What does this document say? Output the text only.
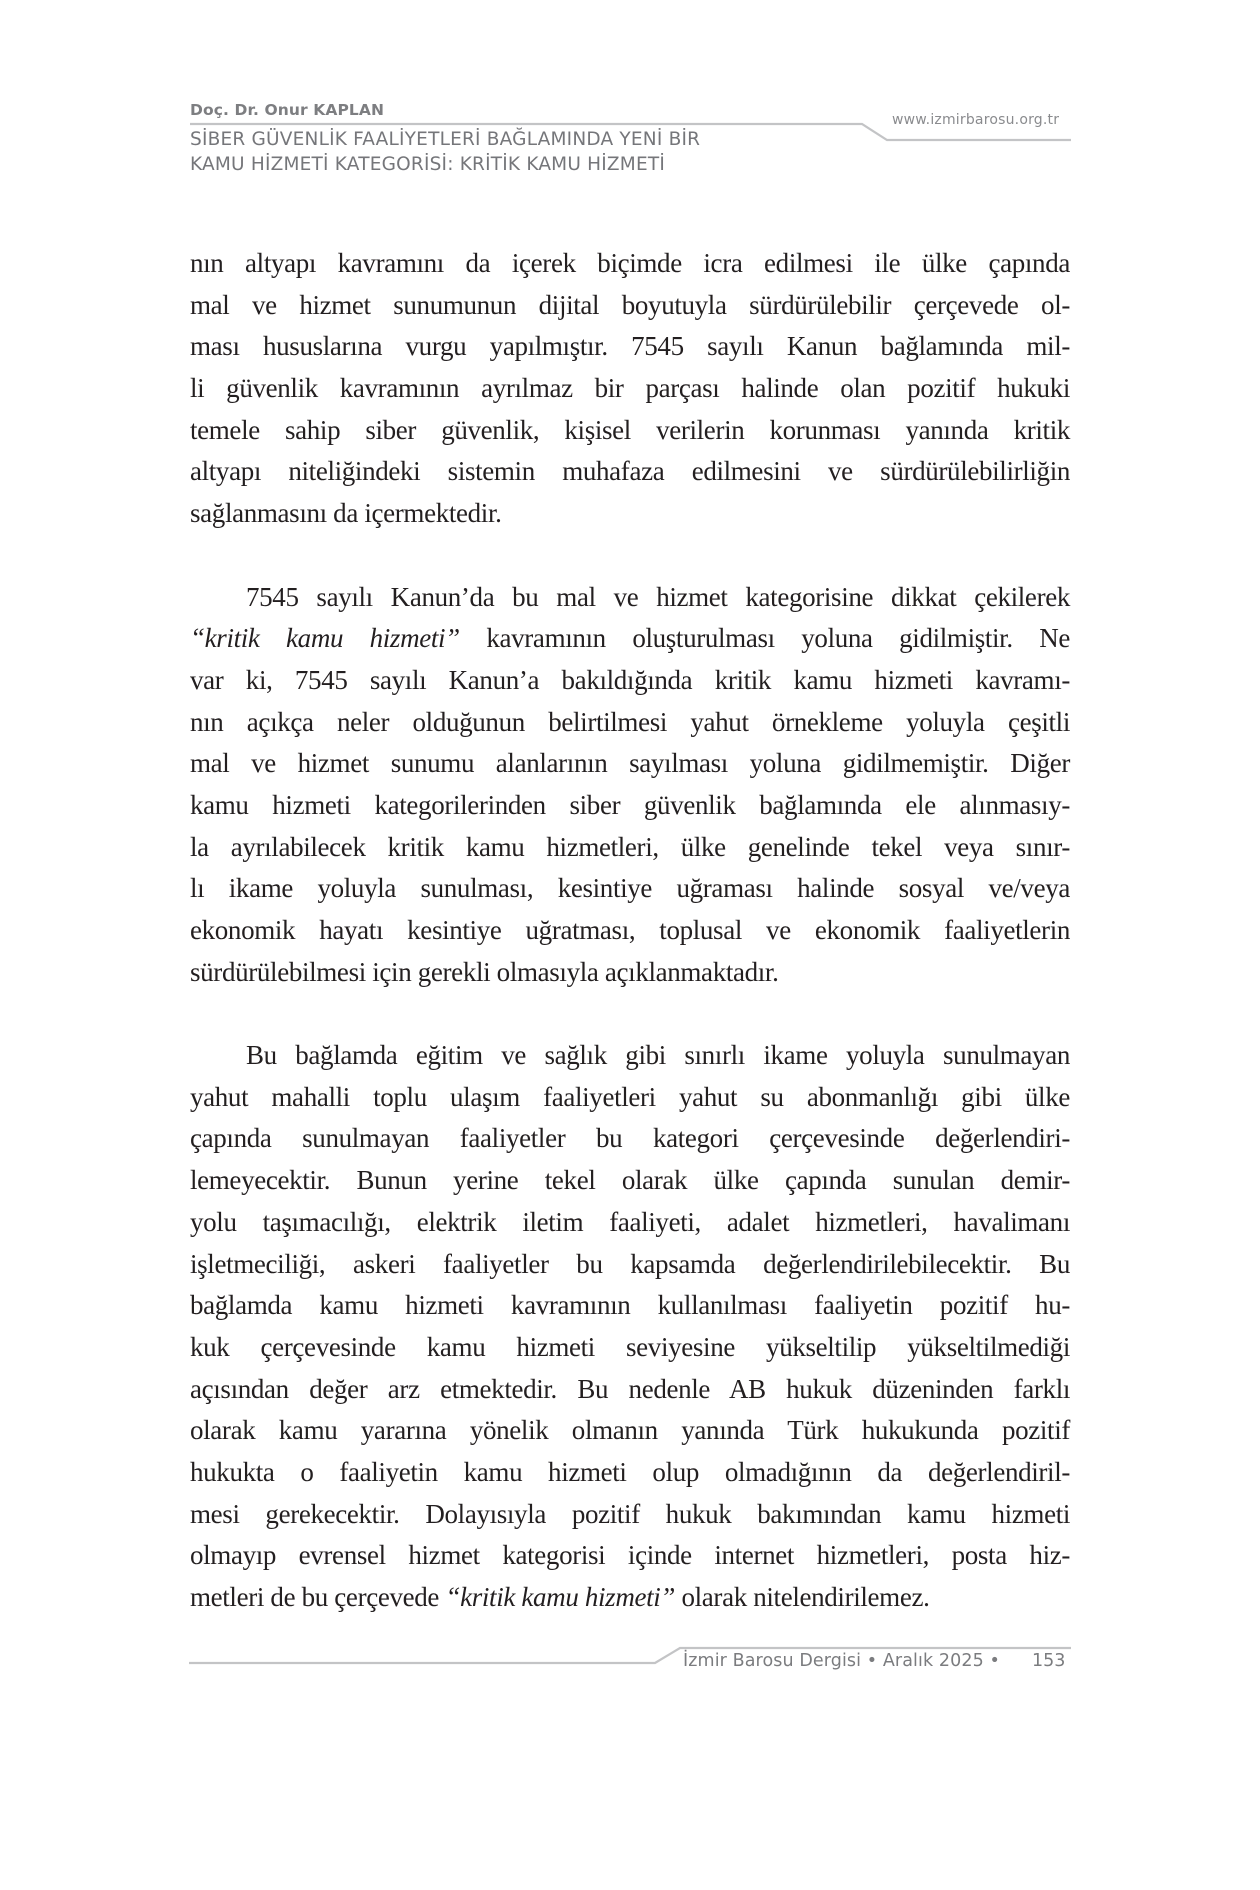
Doç. Dr. Onur KAPLAN
SİBER GÜVENLİK FAALİYETLERİ BAĞLAMINDA YENİ BİR
KAMU HİZMETİ KATEGORİSİ: KRİTİK KAMU HİZMETİ
www.izmirbarosu.org.tr
nın altyapı kavramını da içerek biçimde icra edilmesi ile ülke çapında
mal ve hizmet sunumunun dijital boyutuyla sürdürülebilir çerçevede ol-
ması hususlarına vurgu yapılmıştır. 7545 sayılı Kanun bağlamında mil-
li güvenlik kavramının ayrılmaz bir parçası halinde olan pozitif hukuki
temele sahip siber güvenlik, kişisel verilerin korunması yanında kritik
altyapı niteliğindeki sistemin muhafaza edilmesini ve sürdürülebilirliğin
sağlanmasını da içermektedir.
7545 sayılı Kanun’da bu mal ve hizmet kategorisine dikkat çekilerek
“kritik kamu hizmeti” kavramının oluşturulması yoluna gidilmiştir. Ne
var ki, 7545 sayılı Kanun’a bakıldığında kritik kamu hizmeti kavramı-
nın açıkça neler olduğunun belirtilmesi yahut örnekleme yoluyla çeşitli
mal ve hizmet sunumu alanlarının sayılması yoluna gidilmemiştir. Diğer
kamu hizmeti kategorilerinden siber güvenlik bağlamında ele alınmasıy-
la ayrılabilecek kritik kamu hizmetleri, ülke genelinde tekel veya sınır-
lı ikame yoluyla sunulması, kesintiye uğraması halinde sosyal ve/veya
ekonomik hayatı kesintiye uğratması, toplusal ve ekonomik faaliyetlerin
sürdürülebilmesi için gerekli olmasıyla açıklanmaktadır.
Bu bağlamda eğitim ve sağlık gibi sınırlı ikame yoluyla sunulmayan
yahut mahalli toplu ulaşım faaliyetleri yahut su abonmanlığı gibi ülke
çapında sunulmayan faaliyetler bu kategori çerçevesinde değerlendiri-
lemeyecektir. Bunun yerine tekel olarak ülke çapında sunulan demir-
yolu taşımacılığı, elektrik iletim faaliyeti, adalet hizmetleri, havalimanı
işletmeciliği, askeri faaliyetler bu kapsamda değerlendirilebilecektir. Bu
bağlamda kamu hizmeti kavramının kullanılması faaliyetin pozitif hu-
kuk çerçevesinde kamu hizmeti seviyesine yükseltilip yükseltilmediği
açısından değer arz etmektedir. Bu nedenle AB hukuk düzeninden farklı
olarak kamu yararına yönelik olmanın yanında Türk hukukunda pozitif
hukukta o faaliyetin kamu hizmeti olup olmadığının da değerlendiril-
mesi gerekecektir. Dolayısıyla pozitif hukuk bakımından kamu hizmeti
olmayıp evrensel hizmet kategorisi içinde internet hizmetleri, posta hiz-
metleri de bu çerçevede “kritik kamu hizmeti” olarak nitelendirilemez.
İzmir Barosu Dergisi • Aralık 2025 • 153
